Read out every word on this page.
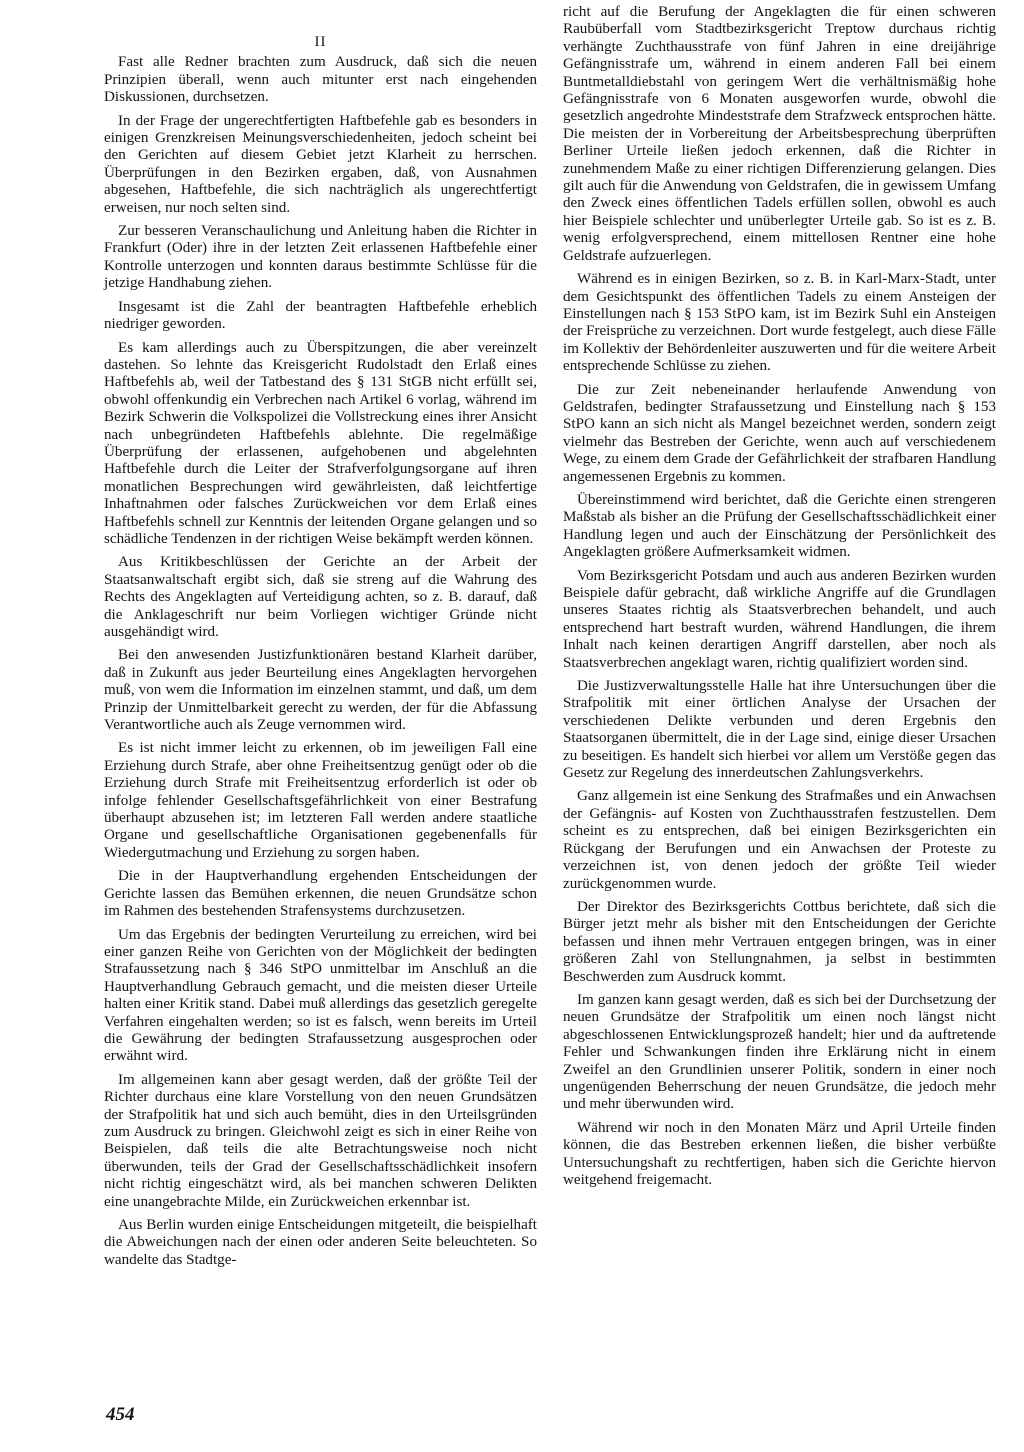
II

Fast alle Redner brachten zum Ausdruck, daß sich die neuen Prinzipien überall, wenn auch mitunter erst nach eingehenden Diskussionen, durchsetzen.

In der Frage der ungerechtfertigten Haftbefehle gab es besonders in einigen Grenzkreisen Meinungsverschiedenheiten, jedoch scheint bei den Gerichten auf diesem Gebiet jetzt Klarheit zu herrschen. Überprüfungen in den Bezirken ergaben, daß, von Ausnahmen abgesehen, Haftbefehle, die sich nachträglich als ungerechtfertigt erweisen, nur noch selten sind.

Zur besseren Veranschaulichung und Anleitung haben die Richter in Frankfurt (Oder) ihre in der letzten Zeit erlassenen Haftbefehle einer Kontrolle unterzogen und konnten daraus bestimmte Schlüsse für die jetzige Handhabung ziehen.

Insgesamt ist die Zahl der beantragten Haftbefehle erheblich niedriger geworden.

Es kam allerdings auch zu Überspitzungen, die aber vereinzelt dastehen. So lehnte das Kreisgericht Rudolstadt den Erlaß eines Haftbefehls ab, weil der Tatbestand des § 131 StGB nicht erfüllt sei, obwohl offenkundig ein Verbrechen nach Artikel 6 vorlag, während im Bezirk Schwerin die Volkspolizei die Vollstreckung eines ihrer Ansicht nach unbegründeten Haftbefehls ablehnte. Die regelmäßige Überprüfung der erlassenen, aufgehobenen und abgelehnten Haftbefehle durch die Leiter der Strafverfolgungsorgane auf ihren monatlichen Besprechungen wird gewährleisten, daß leichtfertige Inhaftnahmen oder falsches Zurückweichen vor dem Erlaß eines Haftbefehls schnell zur Kenntnis der leitenden Organe gelangen und so schädliche Tendenzen in der richtigen Weise bekämpft werden können.

Aus Kritikbeschlüssen der Gerichte an der Arbeit der Staatsanwaltschaft ergibt sich, daß sie streng auf die Wahrung des Rechts des Angeklagten auf Verteidigung achten, so z. B. darauf, daß die Anklageschrift nur beim Vorliegen wichtiger Gründe nicht ausgehändigt wird.

Bei den anwesenden Justizfunktionären bestand Klarheit darüber, daß in Zukunft aus jeder Beurteilung eines Angeklagten hervorgehen muß, von wem die Information im einzelnen stammt, und daß, um dem Prinzip der Unmittelbarkeit gerecht zu werden, der für die Abfassung Verantwortliche auch als Zeuge vernommen wird.

Es ist nicht immer leicht zu erkennen, ob im jeweiligen Fall eine Erziehung durch Strafe, aber ohne Freiheitsentzug genügt oder ob die Erziehung durch Strafe mit Freiheitsentzug erforderlich ist oder ob infolge fehlender Gesellschaftsgefährlichkeit von einer Bestrafung überhaupt abzusehen ist; im letzteren Fall werden andere staatliche Organe und gesellschaftliche Organisationen gegebenenfalls für Wiedergutmachung und Erziehung zu sorgen haben.

Die in der Hauptverhandlung ergehenden Entscheidungen der Gerichte lassen das Bemühen erkennen, die neuen Grundsätze schon im Rahmen des bestehenden Strafensystems durchzusetzen.

Um das Ergebnis der bedingten Verurteilung zu erreichen, wird bei einer ganzen Reihe von Gerichten von der Möglichkeit der bedingten Strafaussetzung nach § 346 StPO unmittelbar im Anschluß an die Hauptverhandlung Gebrauch gemacht, und die meisten dieser Urteile halten einer Kritik stand. Dabei muß allerdings das gesetzlich geregelte Verfahren eingehalten werden; so ist es falsch, wenn bereits im Urteil die Gewährung der bedingten Strafaussetzung ausgesprochen oder erwähnt wird.

Im allgemeinen kann aber gesagt werden, daß der größte Teil der Richter durchaus eine klare Vorstellung von den neuen Grundsätzen der Strafpolitik hat und sich auch bemüht, dies in den Urteilsgründen zum Ausdruck zu bringen. Gleichwohl zeigt es sich in einer Reihe von Beispielen, daß teils die alte Betrachtungsweise noch nicht überwunden, teils der Grad der Gesellschaftsschädlichkeit insofern nicht richtig eingeschätzt wird, als bei manchen schweren Delikten eine unangebrachte Milde, ein Zurückweichen erkennbar ist.

Aus Berlin wurden einige Entscheidungen mitgeteilt, die beispielhaft die Abweichungen nach der einen oder anderen Seite beleuchteten. So wandelte das Stadtge-

richt auf die Berufung der Angeklagten die für einen schweren Raubüberfall vom Stadtbezirksgericht Treptow durchaus richtig verhängte Zuchthausstrafe von fünf Jahren in eine dreijährige Gefängnisstrafe um, während in einem anderen Fall bei einem Buntmetalldiebstahl von geringem Wert die verhältnismäßig hohe Gefängnisstrafe von 6 Monaten ausgeworfen wurde, obwohl die gesetzlich angedrohte Mindeststrafe dem Strafzweck entsprochen hätte. Die meisten der in Vorbereitung der Arbeitsbesprechung überprüften Berliner Urteile ließen jedoch erkennen, daß die Richter in zunehmendem Maße zu einer richtigen Differenzierung gelangen. Dies gilt auch für die Anwendung von Geldstrafen, die in gewissem Umfang den Zweck eines öffentlichen Tadels erfüllen sollen, obwohl es auch hier Beispiele schlechter und unüberlegter Urteile gab. So ist es z. B. wenig erfolgversprechend, einem mittellosen Rentner eine hohe Geldstrafe aufzuerlegen.

Während es in einigen Bezirken, so z. B. in Karl-Marx-Stadt, unter dem Gesichtspunkt des öffentlichen Tadels zu einem Ansteigen der Einstellungen nach § 153 StPO kam, ist im Bezirk Suhl ein Ansteigen der Freisprüche zu verzeichnen. Dort wurde festgelegt, auch diese Fälle im Kollektiv der Behördenleiter auszuwerten und für die weitere Arbeit entsprechende Schlüsse zu ziehen.

Die zur Zeit nebeneinander herlaufende Anwendung von Geldstrafen, bedingter Strafaussetzung und Einstellung nach § 153 StPO kann an sich nicht als Mangel bezeichnet werden, sondern zeigt vielmehr das Bestreben der Gerichte, wenn auch auf verschiedenem Wege, zu einem dem Grade der Gefährlichkeit der strafbaren Handlung angemessenen Ergebnis zu kommen.

Übereinstimmend wird berichtet, daß die Gerichte einen strengeren Maßstab als bisher an die Prüfung der Gesellschaftsschädlichkeit einer Handlung legen und auch der Einschätzung der Persönlichkeit des Angeklagten größere Aufmerksamkeit widmen.

Vom Bezirksgericht Potsdam und auch aus anderen Bezirken wurden Beispiele dafür gebracht, daß wirkliche Angriffe auf die Grundlagen unseres Staates richtig als Staatsverbrechen behandelt, und auch entsprechend hart bestraft wurden, während Handlungen, die ihrem Inhalt nach keinen derartigen Angriff darstellen, aber noch als Staatsverbrechen angeklagt waren, richtig qualifiziert worden sind.

Die Justizverwaltungsstelle Halle hat ihre Untersuchungen über die Strafpolitik mit einer örtlichen Analyse der Ursachen der verschiedenen Delikte verbunden und deren Ergebnis den Staatsorganen übermittelt, die in der Lage sind, einige dieser Ursachen zu beseitigen. Es handelt sich hierbei vor allem um Verstöße gegen das Gesetz zur Regelung des innerdeutschen Zahlungsverkehrs.

Ganz allgemein ist eine Senkung des Strafmaßes und ein Anwachsen der Gefängnis- auf Kosten von Zuchthausstrafen festzustellen. Dem scheint es zu entsprechen, daß bei einigen Bezirksgerichten ein Rückgang der Berufungen und ein Anwachsen der Proteste zu verzeichnen ist, von denen jedoch der größte Teil wieder zurückgenommen wurde.

Der Direktor des Bezirksgerichts Cottbus berichtete, daß sich die Bürger jetzt mehr als bisher mit den Entscheidungen der Gerichte befassen und ihnen mehr Vertrauen entgegen bringen, was in einer größeren Zahl von Stellungnahmen, ja selbst in bestimmten Beschwerden zum Ausdruck kommt.

Im ganzen kann gesagt werden, daß es sich bei der Durchsetzung der neuen Grundsätze der Strafpolitik um einen noch längst nicht abgeschlossenen Entwicklungsprozeß handelt; hier und da auftretende Fehler und Schwankungen finden ihre Erklärung nicht in einem Zweifel an den Grundlinien unserer Politik, sondern in einer noch ungenügenden Beherrschung der neuen Grundsätze, die jedoch mehr und mehr überwunden wird.

Während wir noch in den Monaten März und April Urteile finden können, die das Bestreben erkennen ließen, die bisher verbüßte Untersuchungshaft zu rechtfertigen, haben sich die Gerichte hiervon weitgehend freigemacht.

454
